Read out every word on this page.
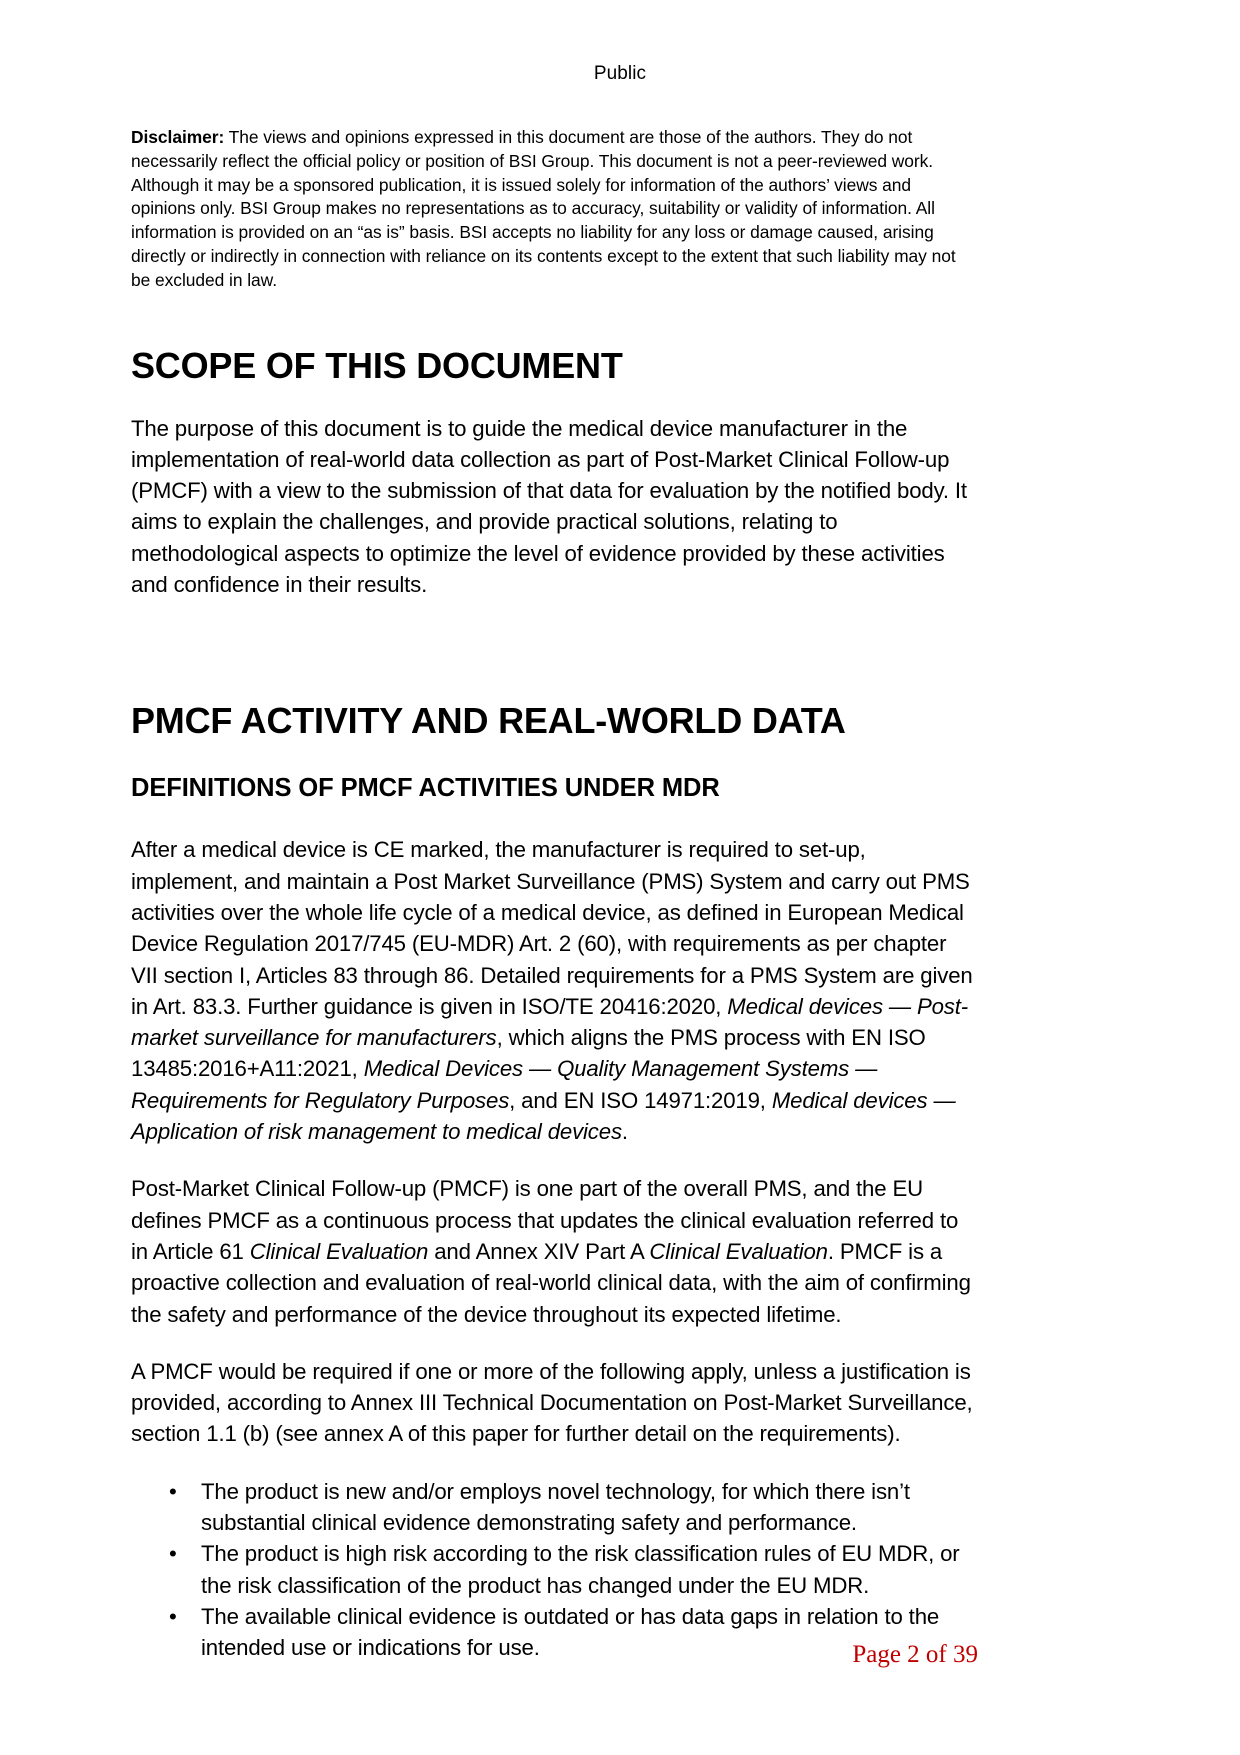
Public

Disclaimer: The views and opinions expressed in this document are those of the authors. They do not necessarily reflect the official policy or position of BSI Group. This document is not a peer-reviewed work. Although it may be a sponsored publication, it is issued solely for information of the authors’ views and opinions only. BSI Group makes no representations as to accuracy, suitability or validity of information. All information is provided on an “as is” basis. BSI accepts no liability for any loss or damage caused, arising directly or indirectly in connection with reliance on its contents except to the extent that such liability may not be excluded in law.

SCOPE OF THIS DOCUMENT

The purpose of this document is to guide the medical device manufacturer in the implementation of real-world data collection as part of Post-Market Clinical Follow-up (PMCF) with a view to the submission of that data for evaluation by the notified body. It aims to explain the challenges, and provide practical solutions, relating to methodological aspects to optimize the level of evidence provided by these activities and confidence in their results.

PMCF ACTIVITY AND REAL-WORLD DATA
DEFINITIONS OF PMCF ACTIVITIES UNDER MDR

After a medical device is CE marked, the manufacturer is required to set-up, implement, and maintain a Post Market Surveillance (PMS) System and carry out PMS activities over the whole life cycle of a medical device, as defined in European Medical Device Regulation 2017/745 (EU-MDR) Art. 2 (60), with requirements as per chapter VII section I, Articles 83 through 86. Detailed requirements for a PMS System are given in Art. 83.3. Further guidance is given in ISO/TE 20416:2020, Medical devices — Post-market surveillance for manufacturers, which aligns the PMS process with EN ISO 13485:2016+A11:2021, Medical Devices — Quality Management Systems — Requirements for Regulatory Purposes, and EN ISO 14971:2019, Medical devices — Application of risk management to medical devices.

Post-Market Clinical Follow-up (PMCF) is one part of the overall PMS, and the EU defines PMCF as a continuous process that updates the clinical evaluation referred to in Article 61 Clinical Evaluation and Annex XIV Part A Clinical Evaluation. PMCF is a proactive collection and evaluation of real-world clinical data, with the aim of confirming the safety and performance of the device throughout its expected lifetime.

A PMCF would be required if one or more of the following apply, unless a justification is provided, according to Annex III Technical Documentation on Post-Market Surveillance, section 1.1 (b) (see annex A of this paper for further detail on the requirements).

• The product is new and/or employs novel technology, for which there isn’t substantial clinical evidence demonstrating safety and performance.
• The product is high risk according to the risk classification rules of EU MDR, or the risk classification of the product has changed under the EU MDR.
• The available clinical evidence is outdated or has data gaps in relation to the intended use or indications for use.	Page 2 of 39
